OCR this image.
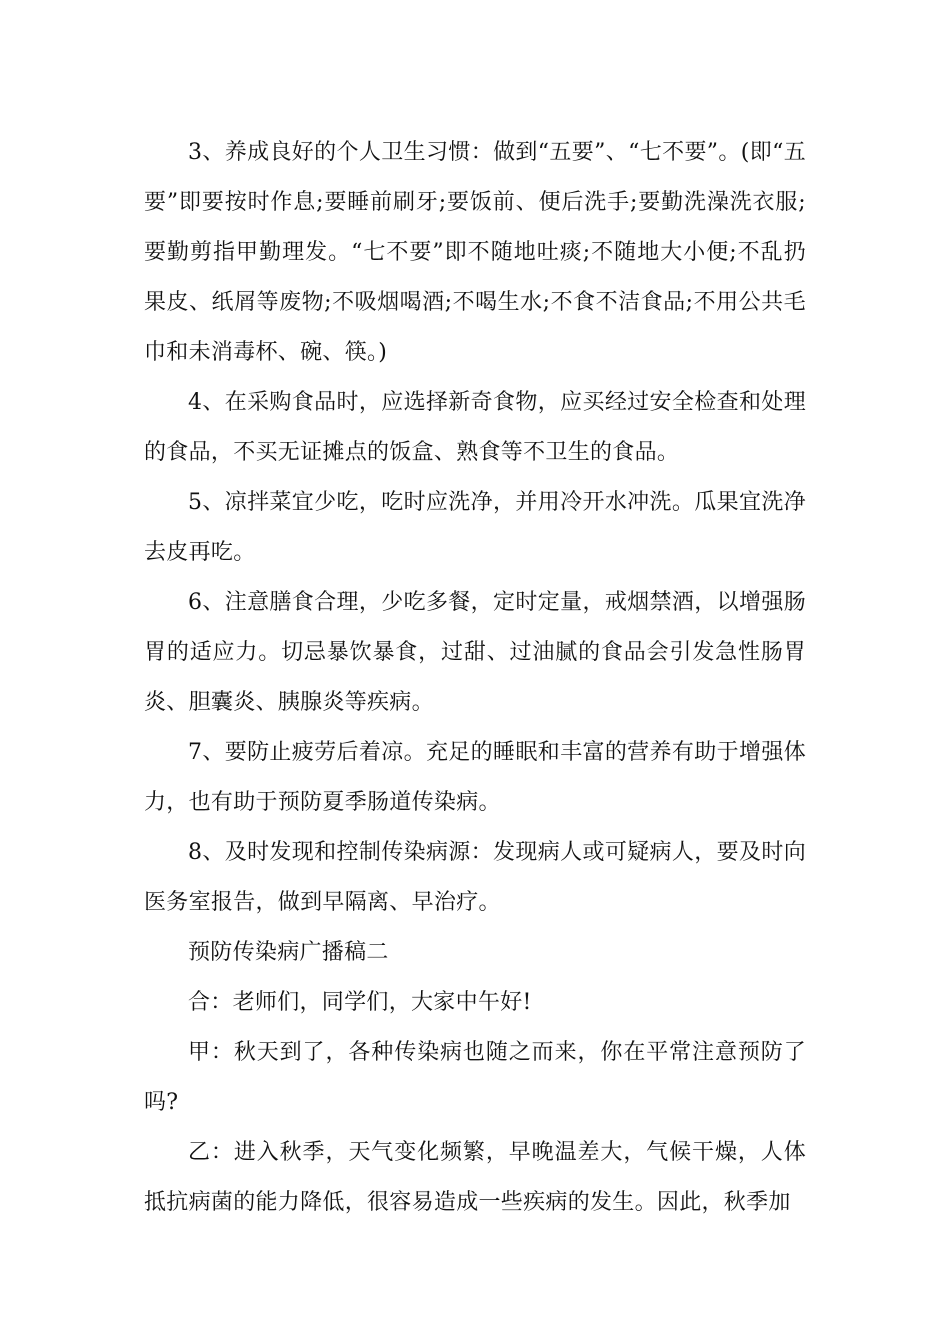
3、养成良好的个人卫生习惯：做到“五要”、“七不要”。(即“五要”即要按时作息;要睡前刷牙;要饭前、便后洗手;要勤洗澡洗衣服;要勤剪指甲勤理发。“七不要”即不随地吐痰;不随地大小便;不乱扔果皮、纸屑等废物;不吸烟喝酒;不喝生水;不食不洁食品;不用公共毛巾和未消毒杯、碗、筷。)

4、在采购食品时，应选择新奇食物，应买经过安全检查和处理的食品，不买无证摊点的饭盒、熟食等不卫生的食品。

5、凉拌菜宜少吃，吃时应洗净，并用冷开水冲洗。瓜果宜洗净去皮再吃。

6、注意膳食合理，少吃多餐，定时定量，戒烟禁酒，以增强肠胃的适应力。切忌暴饮暴食，过甜、过油腻的食品会引发急性肠胃炎、胆囊炎、胰腺炎等疾病。

7、要防止疲劳后着凉。充足的睡眠和丰富的营养有助于增强体力，也有助于预防夏季肠道传染病。

8、及时发现和控制传染病源：发现病人或可疑病人，要及时向医务室报告，做到早隔离、早治疗。

预防传染病广播稿二

合：老师们，同学们，大家中午好!

甲：秋天到了，各种传染病也随之而来，你在平常注意预防了吗?

乙：进入秋季，天气变化频繁，早晚温差大，气候干燥，人体抵抗病菌的能力降低，很容易造成一些疾病的发生。因此，秋季加
